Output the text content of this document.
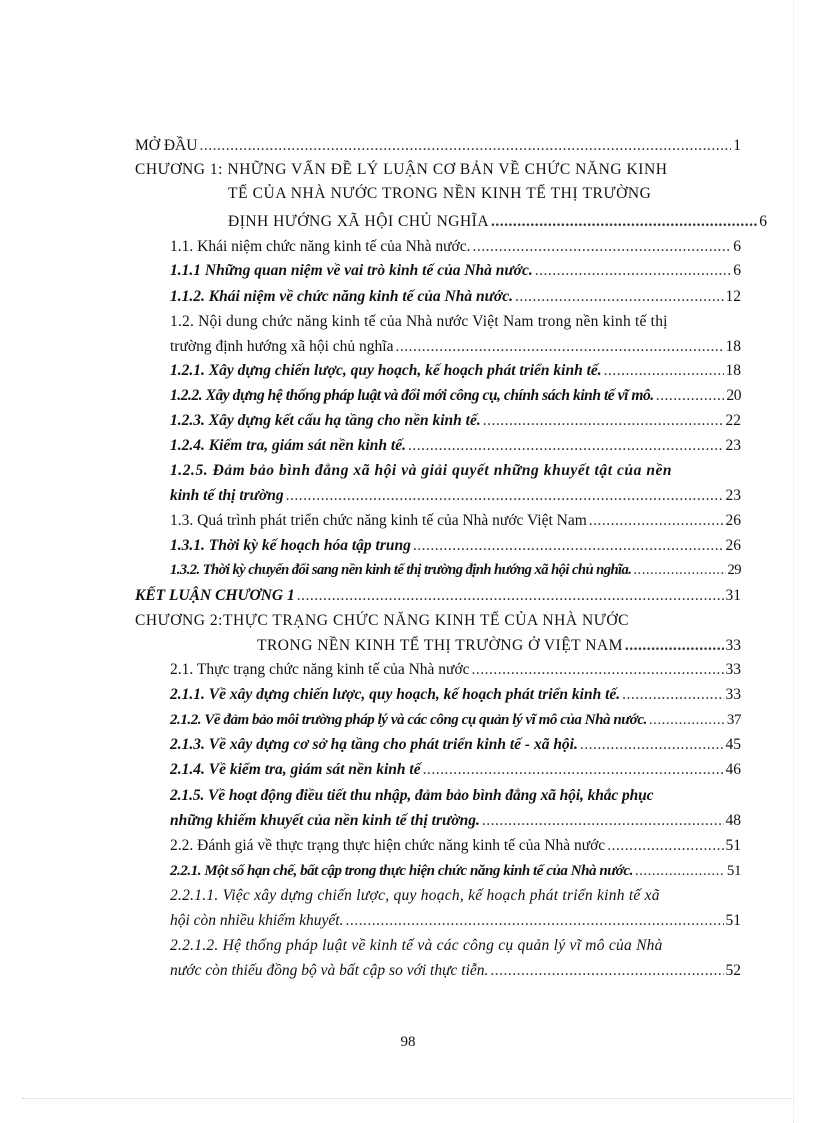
MỞ ĐẦU .....	1
CHƯƠNG 1: NHỮNG VẤN ĐỀ LÝ LUẬN CƠ BẢN VỀ CHỨC NĂNG KINH
TẾ CỦA NHÀ NƯỚC TRONG NỀN KINH TẾ THỊ TRƯỜNG
ĐỊNH HƯỚNG XÃ HỘI CHỦ NGHĨA .....	6
1.1. Khái niệm chức năng kinh tế của Nhà nước. .....	6
1.1.1 Những quan niệm về vai trò kinh tế của Nhà nước. .....	6
1.1.2. Khái niệm về chức năng kinh tế của Nhà nước. .....	12
1.2. Nội dung chức năng kinh tế của Nhà nước Việt Nam trong nền kinh tế thị
trường định hướng xã hội chủ nghĩa .....	18
1.2.1. Xây dựng chiến lược, quy hoạch, kế hoạch phát triển kinh tế. .....	18
1.2.2. Xây dựng hệ thống pháp luật và đổi mới công cụ, chính sách kinh tế vĩ mô. .....	20
1.2.3. Xây dựng kết cấu hạ tầng cho nền kinh tế. .....	22
1.2.4. Kiểm tra, giám sát nền kinh tế. .....	23
1.2.5. Đảm bảo bình đẳng xã hội và giải quyết những khuyết tật của nền
kinh tế thị trường .....	23
1.3. Quá trình phát triển chức năng kinh tế của Nhà nước Việt Nam .....	26
1.3.1. Thời kỳ kế hoạch hóa tập trung .....	26
1.3.2. Thời kỳ chuyển đổi sang nền kinh tế thị trường định hướng xã hội chủ nghĩa. .....	29
KẾT LUẬN CHƯƠNG 1 .....	31
CHƯƠNG 2:THỰC TRẠNG CHỨC NĂNG KINH TẾ CỦA NHÀ NƯỚC
TRONG NỀN KINH TẾ THỊ TRƯỜNG Ở VIỆT NAM .....	33
2.1. Thực trạng chức năng kinh tế của Nhà nước .....	33
2.1.1. Về xây dựng chiến lược, quy hoạch, kế hoạch phát triển kinh tế. .....	33
2.1.2. Về đảm bảo môi trường pháp lý và các công cụ quản lý vĩ mô của Nhà nước. .....	37
2.1.3. Về xây dựng cơ sở hạ tầng cho phát triển kinh tế - xã hội. .....	45
2.1.4. Về kiểm tra, giám sát nền kinh tế .....	46
2.1.5. Về hoạt động điều tiết thu nhập, đảm bảo bình đẳng xã hội, khắc phục
những khiếm khuyết của nền kinh tế thị trường. .....	48
2.2. Đánh giá về thực trạng thực hiện chức năng kinh tế của Nhà nước .....	51
2.2.1. Một số hạn chế, bất cập trong thực hiện chức năng kinh tế của Nhà nước. .....	51
2.2.1.1. Việc xây dựng chiến lược, quy hoạch, kế hoạch phát triển kinh tế xã
hội còn nhiều khiếm khuyết. .....	51
2.2.1.2. Hệ thống pháp luật về kinh tế và các công cụ quản lý vĩ mô của Nhà
nước còn thiếu đồng bộ và bất cập so với thực tiễn. .....	52
98
